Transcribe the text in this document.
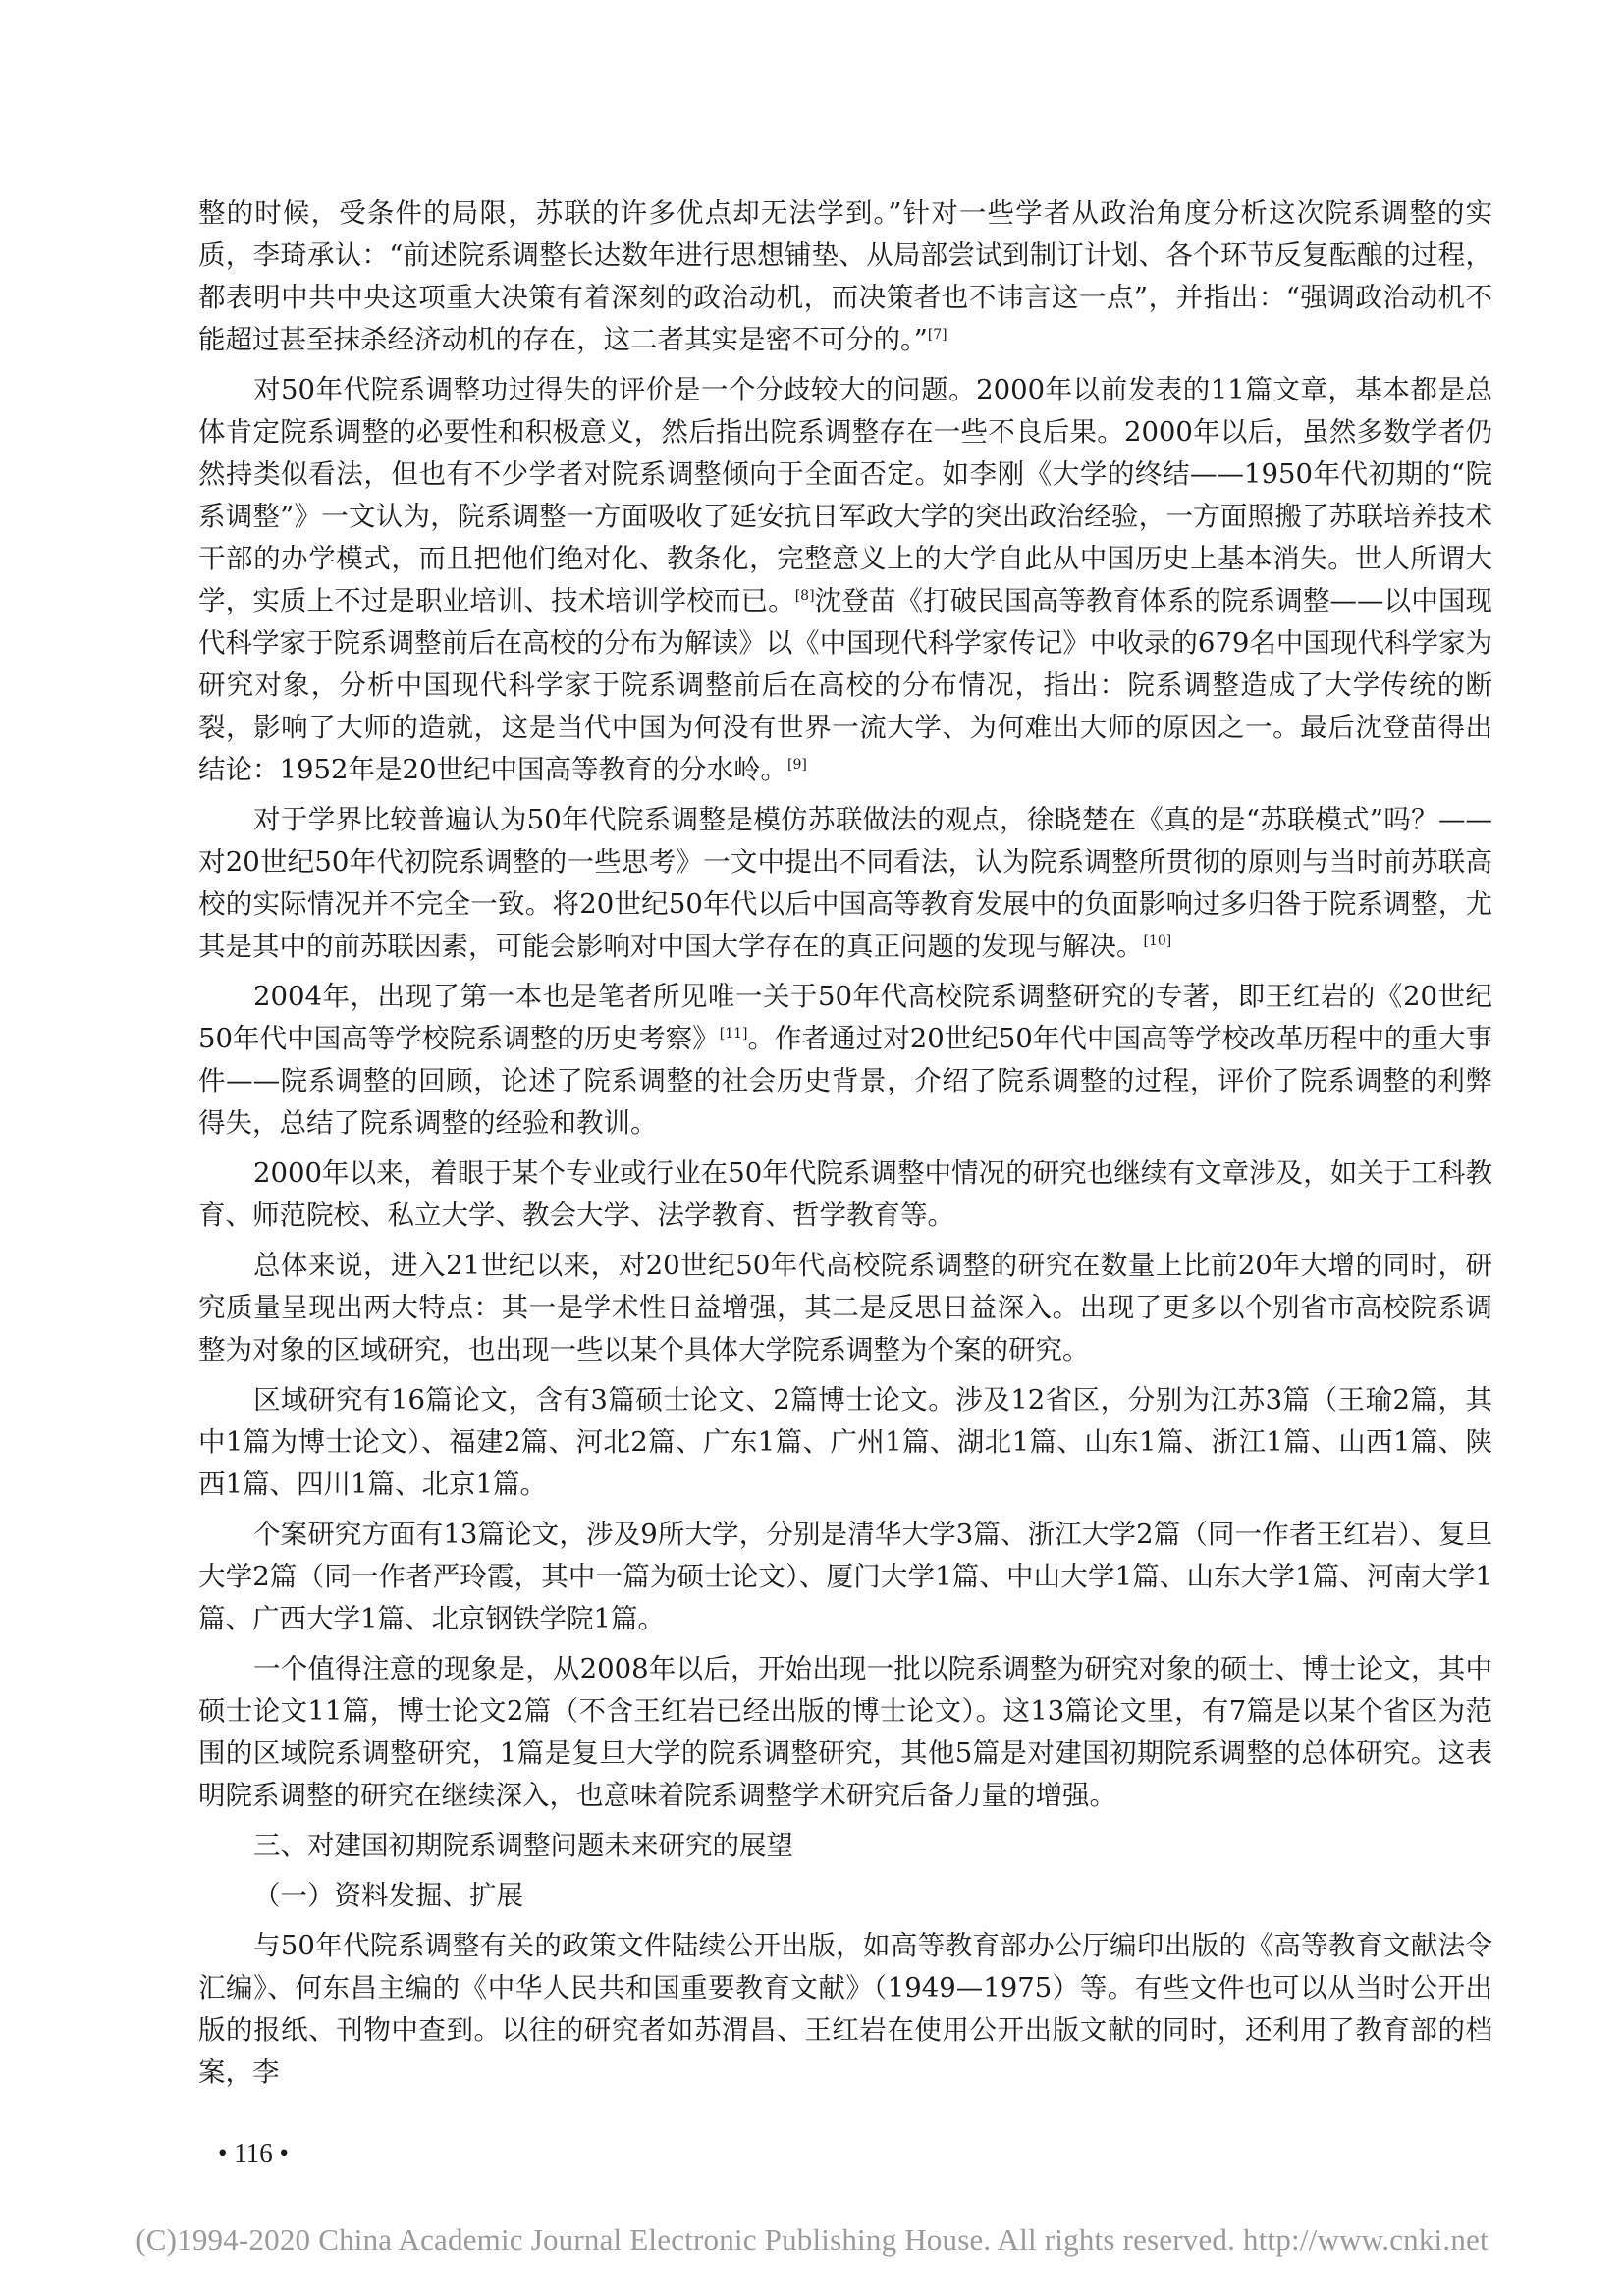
整的时候，受条件的局限，苏联的许多优点却无法学到。”针对一些学者从政治角度分析这次院系调整的实质，李琦承认：“前述院系调整长达数年进行思想铺垫、从局部尝试到制订计划、各个环节反复酝酿的过程，都表明中共中央这项重大决策有着深刻的政治动机，而决策者也不讳言这一点”，并指出：“强调政治动机不能超过甚至抹杀经济动机的存在，这二者其实是密不可分的。”[7]

对50年代院系调整功过得失的评价是一个分歧较大的问题。2000年以前发表的11篇文章，基本都是总体肯定院系调整的必要性和积极意义，然后指出院系调整存在一些不良后果。2000年以后，虽然多数学者仍然持类似看法，但也有不少学者对院系调整倾向于全面否定。如李刚《大学的终结——1950年代初期的“院系调整”》一文认为，院系调整一方面吸收了延安抗日军政大学的突出政治经验，一方面照搬了苏联培养技术干部的办学模式，而且把他们绝对化、教条化，完整意义上的大学自此从中国历史上基本消失。世人所谓大学，实质上不过是职业培训、技术培训学校而已。[8]沈登苗《打破民国高等教育体系的院系调整——以中国现代科学家于院系调整前后在高校的分布为解读》以《中国现代科学家传记》中收录的679名中国现代科学家为研究对象，分析中国现代科学家于院系调整前后在高校的分布情况，指出：院系调整造成了大学传统的断裂，影响了大师的造就，这是当代中国为何没有世界一流大学、为何难出大师的原因之一。最后沈登苗得出结论：1952年是20世纪中国高等教育的分水岭。[9]

对于学界比较普遍认为50年代院系调整是模仿苏联做法的观点，徐晓楚在《真的是“苏联模式”吗？——对20世纪50年代初院系调整的一些思考》一文中提出不同看法，认为院系调整所贯彻的原则与当时前苏联高校的实际情况并不完全一致。将20世纪50年代以后中国高等教育发展中的负面影响过多归咎于院系调整，尤其是其中的前苏联因素，可能会影响对中国大学存在的真正问题的发现与解决。[10]

2004年，出现了第一本也是笔者所见唯一关于50年代高校院系调整研究的专著，即王红岩的《20世纪50年代中国高等学校院系调整的历史考察》[11]。作者通过对20世纪50年代中国高等学校改革历程中的重大事件——院系调整的回顾，论述了院系调整的社会历史背景，介绍了院系调整的过程，评价了院系调整的利弊得失，总结了院系调整的经验和教训。

2000年以来，着眼于某个专业或行业在50年代院系调整中情况的研究也继续有文章涉及，如关于工科教育、师范院校、私立大学、教会大学、法学教育、哲学教育等。

总体来说，进入21世纪以来，对20世纪50年代高校院系调整的研究在数量上比前20年大增的同时，研究质量呈现出两大特点：其一是学术性日益增强，其二是反思日益深入。出现了更多以个别省市高校院系调整为对象的区域研究，也出现一些以某个具体大学院系调整为个案的研究。

区域研究有16篇论文，含有3篇硕士论文、2篇博士论文。涉及12省区，分别为江苏3篇（王瑜2篇，其中1篇为博士论文）、福建2篇、河北2篇、广东1篇、广州1篇、湖北1篇、山东1篇、浙江1篇、山西1篇、陕西1篇、四川1篇、北京1篇。

个案研究方面有13篇论文，涉及9所大学，分别是清华大学3篇、浙江大学2篇（同一作者王红岩）、复旦大学2篇（同一作者严玲霞，其中一篇为硕士论文）、厦门大学1篇、中山大学1篇、山东大学1篇、河南大学1篇、广西大学1篇、北京钢铁学院1篇。

一个值得注意的现象是，从2008年以后，开始出现一批以院系调整为研究对象的硕士、博士论文，其中硕士论文11篇，博士论文2篇（不含王红岩已经出版的博士论文）。这13篇论文里，有7篇是以某个省区为范围的区域院系调整研究，1篇是复旦大学的院系调整研究，其他5篇是对建国初期院系调整的总体研究。这表明院系调整的研究在继续深入，也意味着院系调整学术研究后备力量的增强。

三、对建国初期院系调整问题未来研究的展望

（一）资料发掘、扩展

与50年代院系调整有关的政策文件陆续公开出版，如高等教育部办公厅编印出版的《高等教育文献法令汇编》、何东昌主编的《中华人民共和国重要教育文献》（1949—1975）等。有些文件也可以从当时公开出版的报纸、刊物中查到。以往的研究者如苏渭昌、王红岩在使用公开出版文献的同时，还利用了教育部的档案，李

• 116 •
(C)1994-2020 China Academic Journal Electronic Publishing House. All rights reserved. http://www.cnki.net
